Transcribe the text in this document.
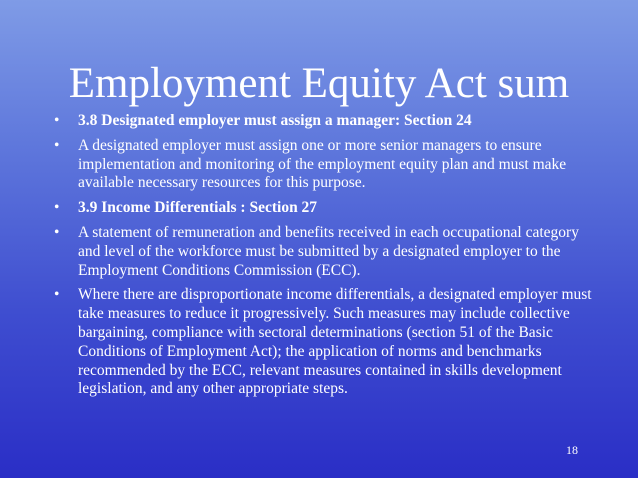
Employment Equity Act sum
•	3.8 Designated employer must assign a manager: Section 24
•	A designated employer must assign one or more senior managers to ensure implementation and monitoring of the employment equity plan and must make available necessary resources for this purpose.
•	3.9 Income Differentials : Section 27
•	A statement of remuneration and benefits received in each occupational category and level of the workforce must be submitted by a designated employer to the Employment Conditions Commission (ECC).
•	Where there are disproportionate income differentials, a designated employer must take measures to reduce it progressively. Such measures may include collective bargaining, compliance with sectoral determinations (section 51 of the Basic Conditions of Employment Act); the application of norms and benchmarks recommended by the ECC, relevant measures contained in skills development legislation, and any other appropriate steps.
18
